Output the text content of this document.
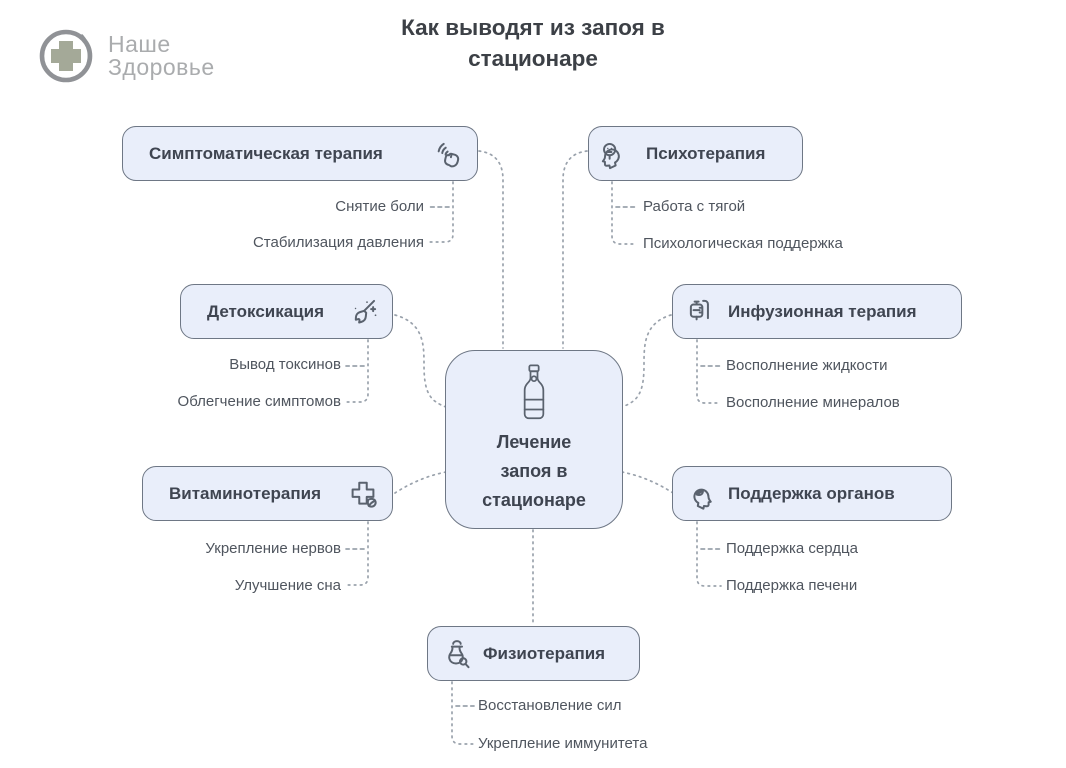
Наше
Здоровье
Как выводят из запоя в
стационаре
Лечение
запоя в
стационаре
Симптоматическая терапия
Снятие боли
Стабилизация давления
Психотерапия
Работа с тягой
Психологическая поддержка
Детоксикация
Вывод токсинов
Облегчение симптомов
Инфузионная терапия
Восполнение жидкости
Восполнение минералов
Витаминотерапия
Укрепление нервов
Улучшение сна
Поддержка органов
Поддержка сердца
Поддержка печени
Физиотерапия
Восстановление сил
Укрепление иммунитета
